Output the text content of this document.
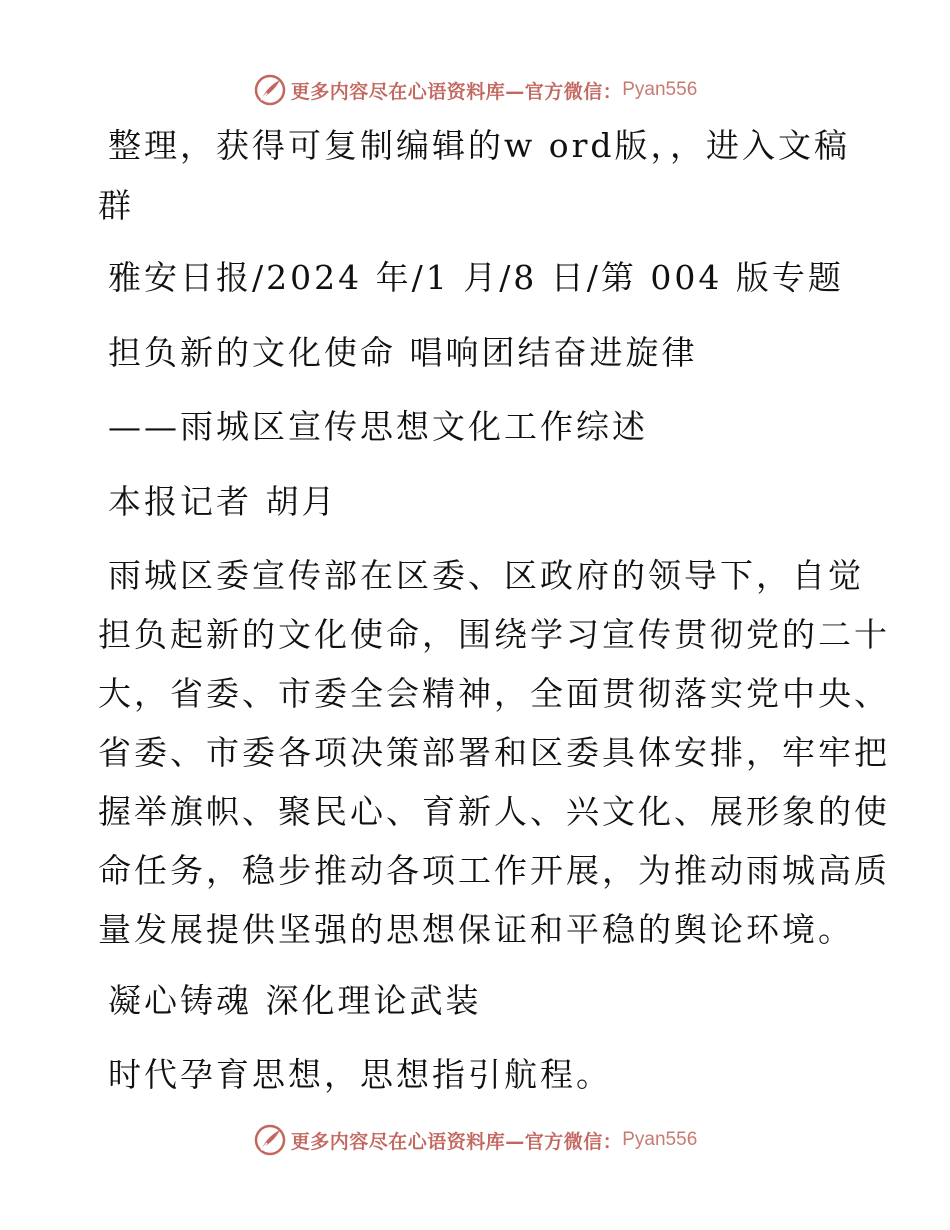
更多内容尽在心语资料库—官方微信： Pyan556
整理，获得可复制编辑的w ord版，，进入文稿
群
雅安日报/2024 年/1 月/8 日/第 004 版专题
担负新的文化使命 唱响团结奋进旋律
——雨城区宣传思想文化工作综述
本报记者 胡月
雨城区委宣传部在区委、区政府的领导下，自觉
担负起新的文化使命，围绕学习宣传贯彻党的二十
大，省委、市委全会精神，全面贯彻落实党中央、
省委、市委各项决策部署和区委具体安排，牢牢把
握举旗帜、聚民心、育新人、兴文化、展形象的使
命任务，稳步推动各项工作开展，为推动雨城高质
量发展提供坚强的思想保证和平稳的舆论环境。
凝心铸魂 深化理论武装
时代孕育思想，思想指引航程。
更多内容尽在心语资料库—官方微信： Pyan556
